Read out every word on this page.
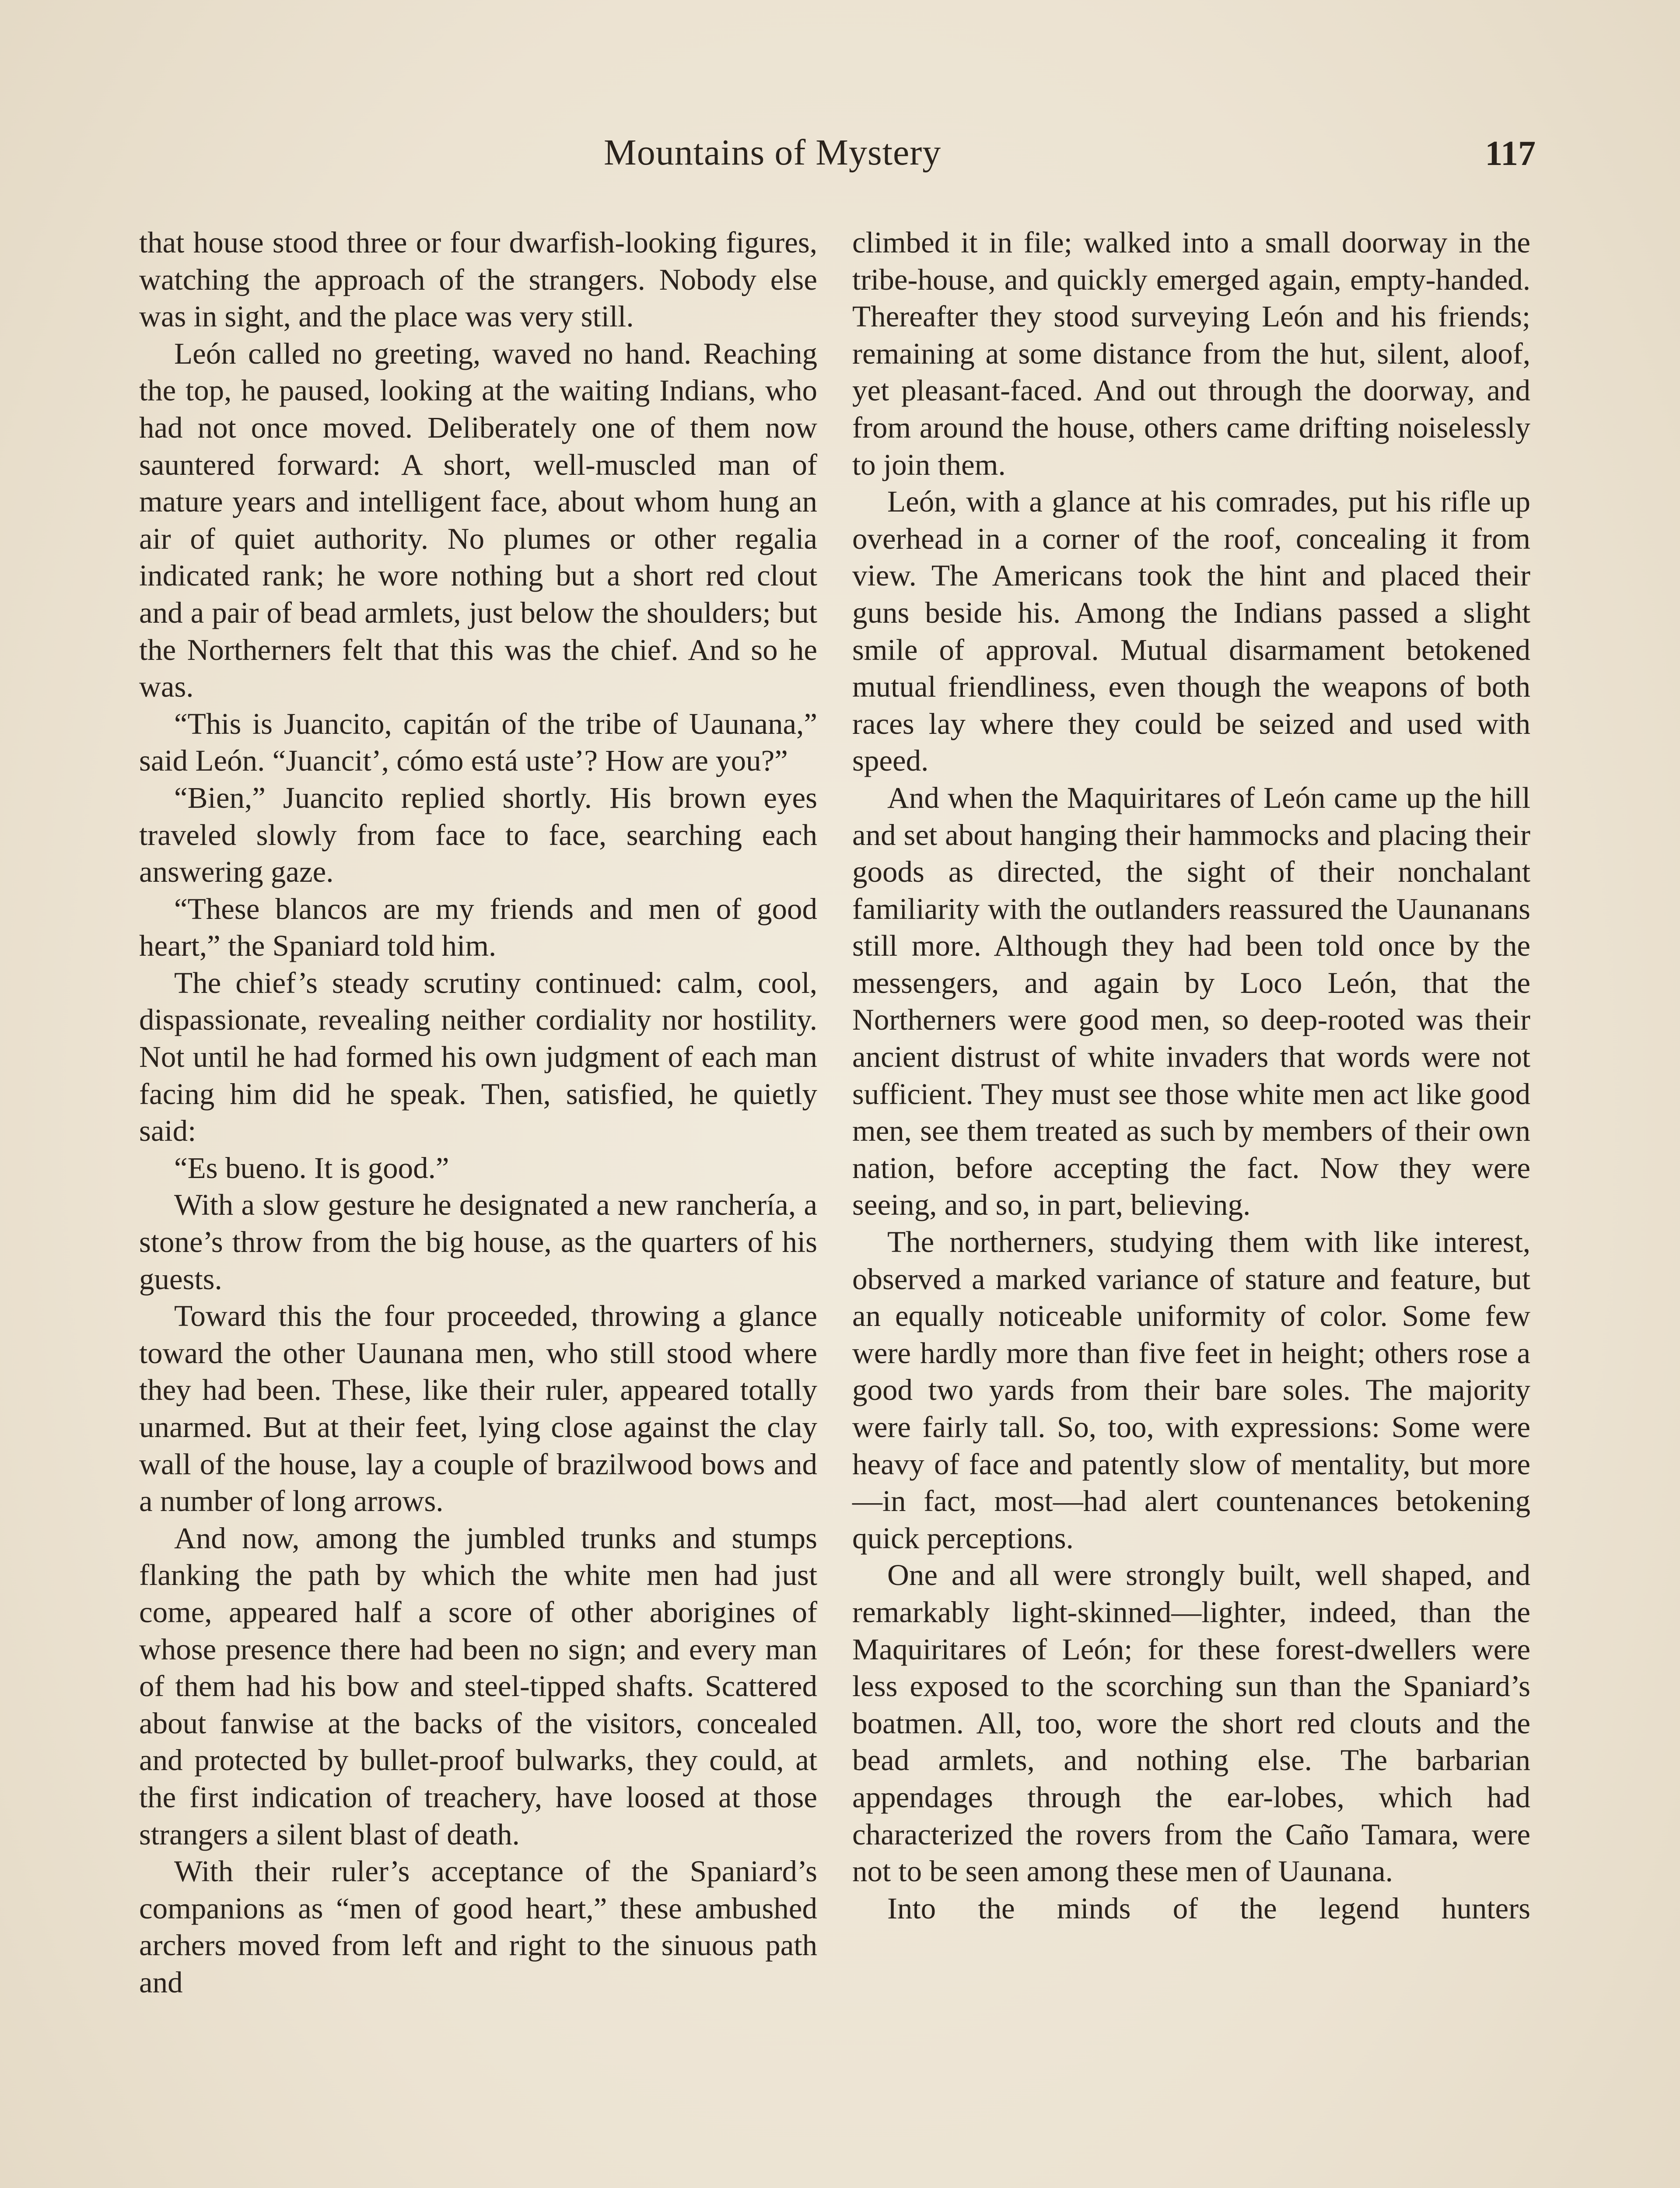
Mountains of Mystery	117

that house stood three or four dwarfish-looking figures, watching the approach of the strangers. Nobody else was in sight, and the place was very still.

León called no greeting, waved no hand. Reaching the top, he paused, looking at the waiting Indians, who had not once moved. Deliberately one of them now sauntered forward: A short, well-muscled man of mature years and intelligent face, about whom hung an air of quiet authority. No plumes or other regalia indicated rank; he wore nothing but a short red clout and a pair of bead armlets, just below the shoulders; but the Northerners felt that this was the chief. And so he was.

“This is Juancito, capitán of the tribe of Uaunana,” said León. “Juancit’, cómo está uste’? How are you?”

“Bien,” Juancito replied shortly. His brown eyes traveled slowly from face to face, searching each answering gaze.

“These blancos are my friends and men of good heart,” the Spaniard told him.

The chief’s steady scrutiny continued: calm, cool, dispassionate, revealing neither cordiality nor hostility. Not until he had formed his own judgment of each man facing him did he speak. Then, satisfied, he quietly said:

“Es bueno. It is good.”

With a slow gesture he designated a new ranchería, a stone’s throw from the big house, as the quarters of his guests.

Toward this the four proceeded, throwing a glance toward the other Uaunana men, who still stood where they had been. These, like their ruler, appeared totally unarmed. But at their feet, lying close against the clay wall of the house, lay a couple of brazilwood bows and a number of long arrows.

And now, among the jumbled trunks and stumps flanking the path by which the white men had just come, appeared half a score of other aborigines of whose presence there had been no sign; and every man of them had his bow and steel-tipped shafts. Scattered about fanwise at the backs of the visitors, concealed and protected by bullet-proof bulwarks, they could, at the first indication of treachery, have loosed at those strangers a silent blast of death.

With their ruler’s acceptance of the Spaniard’s companions as “men of good heart,” these ambushed archers moved from left and right to the sinuous path and

climbed it in file; walked into a small doorway in the tribe-house, and quickly emerged again, empty-handed. Thereafter they stood surveying León and his friends; remaining at some distance from the hut, silent, aloof, yet pleasant-faced. And out through the doorway, and from around the house, others came drifting noiselessly to join them.

León, with a glance at his comrades, put his rifle up overhead in a corner of the roof, concealing it from view. The Americans took the hint and placed their guns beside his. Among the Indians passed a slight smile of approval. Mutual disarmament betokened mutual friendliness, even though the weapons of both races lay where they could be seized and used with speed.

And when the Maquiritares of León came up the hill and set about hanging their hammocks and placing their goods as directed, the sight of their nonchalant familiarity with the outlanders reassured the Uaunanans still more. Although they had been told once by the messengers, and again by Loco León, that the Northerners were good men, so deep-rooted was their ancient distrust of white invaders that words were not sufficient. They must see those white men act like good men, see them treated as such by members of their own nation, before accepting the fact. Now they were seeing, and so, in part, believing.

The northerners, studying them with like interest, observed a marked variance of stature and feature, but an equally noticeable uniformity of color. Some few were hardly more than five feet in height; others rose a good two yards from their bare soles. The majority were fairly tall. So, too, with expressions: Some were heavy of face and patently slow of mentality, but more—in fact, most—had alert countenances betokening quick perceptions.

One and all were strongly built, well shaped, and remarkably light-skinned—lighter, indeed, than the Maquiritares of León; for these forest-dwellers were less exposed to the scorching sun than the Spaniard’s boatmen. All, too, wore the short red clouts and the bead armlets, and nothing else. The barbarian appendages through the ear-lobes, which had characterized the rovers from the Caño Tamara, were not to be seen among these men of Uaunana.

Into the minds of the legend hunters
